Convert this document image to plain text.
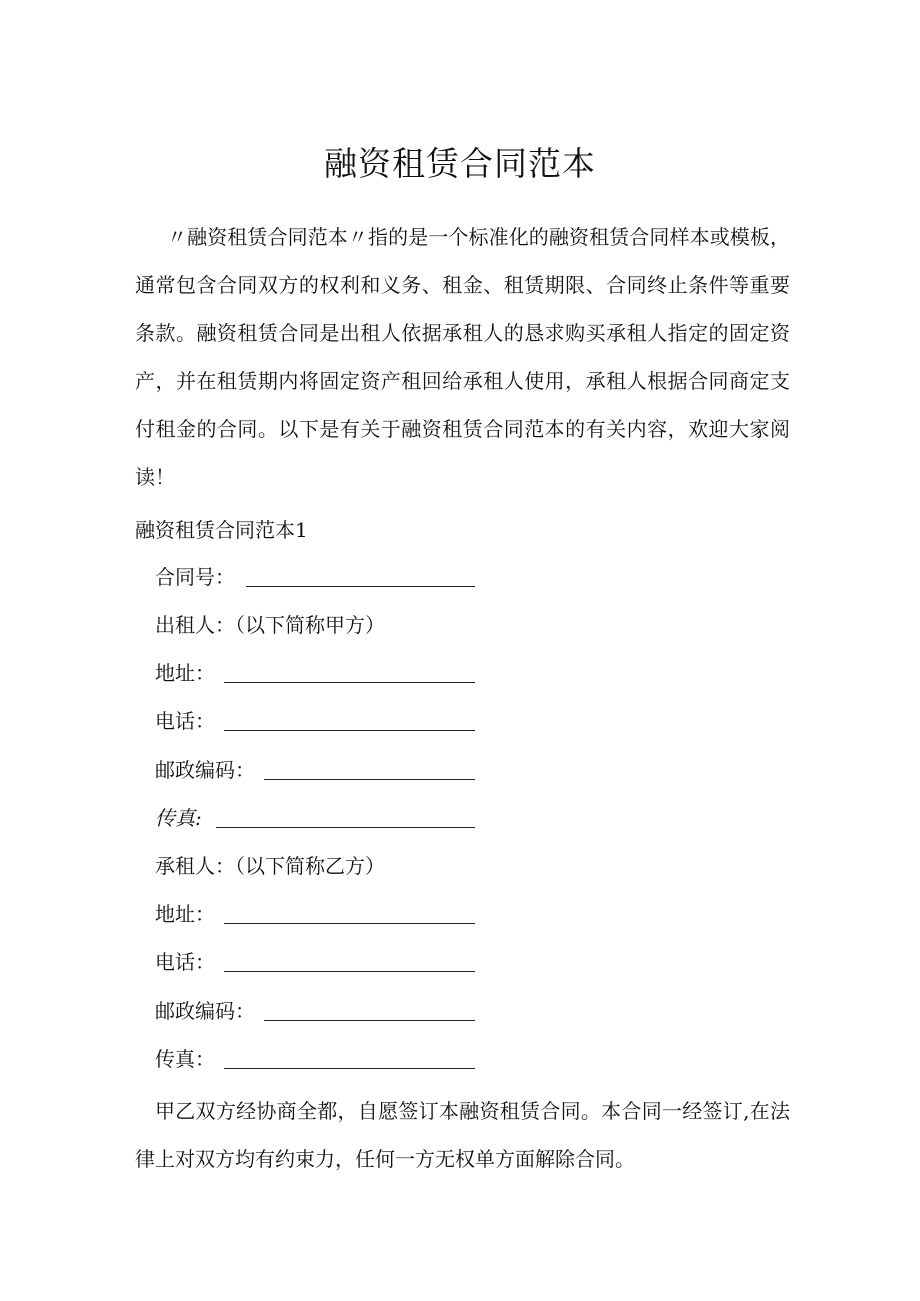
融资租赁合同范本

〃融资租赁合同范本〃指的是一个标准化的融资租赁合同样本或模板，通常包含合同双方的权利和义务、租金、租赁期限、合同终止条件等重要条款。融资租赁合同是出租人依据承租人的恳求购买承租人指定的固定资产，并在租赁期内将固定资产租回给承租人使用，承租人根据合同商定支付租金的合同。以下是有关于融资租赁合同范本的有关内容，欢迎大家阅读！

融资租赁合同范本1
合同号：
出租人：（以下简称甲方）
地址：
电话：
邮政编码：
传真:
承租人：（以下简称乙方）
地址：
电话：
邮政编码：
传真：

甲乙双方经协商全都，自愿签订本融资租赁合同。本合同一经签订,在法律上对双方均有约束力，任何一方无权单方面解除合同。
